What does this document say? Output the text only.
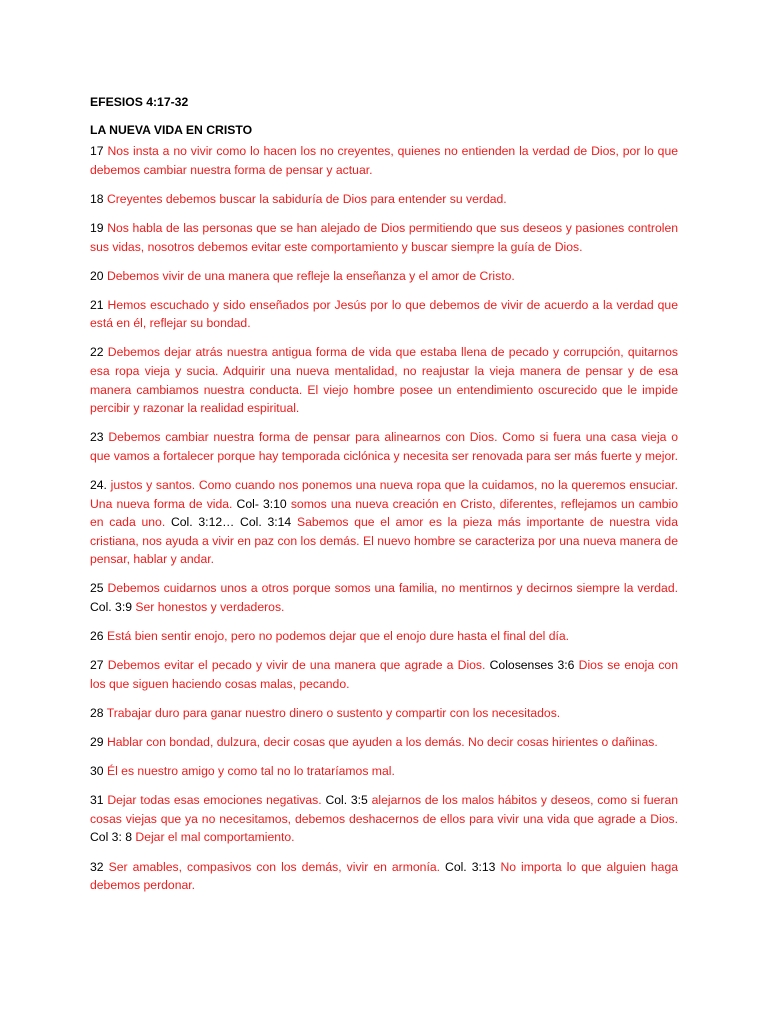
EFESIOS 4:17-32

LA NUEVA VIDA EN CRISTO

17 Nos insta a no vivir como lo hacen los no creyentes, quienes no entienden la verdad de Dios, por lo que debemos cambiar nuestra forma de pensar y actuar.

18 Creyentes debemos buscar la sabiduría de Dios para entender su verdad.

19 Nos habla de las personas que se han alejado de Dios permitiendo que sus deseos y pasiones controlen sus vidas, nosotros debemos evitar este comportamiento y buscar siempre la guía de Dios.

20 Debemos vivir de una manera que refleje la enseñanza y el amor de Cristo.

21 Hemos escuchado y sido enseñados por Jesús por lo que debemos de vivir de acuerdo a la verdad que está en él, reflejar su bondad.

22 Debemos dejar atrás nuestra antigua forma de vida que estaba llena de pecado y corrupción, quitarnos esa ropa vieja y sucia. Adquirir una nueva mentalidad, no reajustar la vieja manera de pensar y de esa manera cambiamos nuestra conducta. El viejo hombre posee un entendimiento oscurecido que le impide percibir y razonar la realidad espiritual.

23 Debemos cambiar nuestra forma de pensar para alinearnos con Dios. Como si fuera una casa vieja o que vamos a fortalecer porque hay temporada ciclónica y necesita ser renovada para ser más fuerte y mejor.

24. justos y santos. Como cuando nos ponemos una nueva ropa que la cuidamos, no la queremos ensuciar. Una nueva forma de vida. Col- 3:10 somos una nueva creación en Cristo, diferentes, reflejamos un cambio en cada uno. Col. 3:12… Col. 3:14 Sabemos que el amor es la pieza más importante de nuestra vida cristiana, nos ayuda a vivir en paz con los demás. El nuevo hombre se caracteriza por una nueva manera de pensar, hablar y andar.

25 Debemos cuidarnos unos a otros porque somos una familia, no mentirnos y decirnos siempre la verdad. Col. 3:9 Ser honestos y verdaderos.

26 Está bien sentir enojo, pero no podemos dejar que el enojo dure hasta el final del día.

27 Debemos evitar el pecado y vivir de una manera que agrade a Dios. Colosenses 3:6 Dios se enoja con los que siguen haciendo cosas malas, pecando.

28 Trabajar duro para ganar nuestro dinero o sustento y compartir con los necesitados.

29 Hablar con bondad, dulzura, decir cosas que ayuden a los demás. No decir cosas hirientes o dañinas.

30 Él es nuestro amigo y como tal no lo trataríamos mal.

31 Dejar todas esas emociones negativas. Col. 3:5 alejarnos de los malos hábitos y deseos, como si fueran cosas viejas que ya no necesitamos, debemos deshacernos de ellos para vivir una vida que agrade a Dios. Col 3: 8 Dejar el mal comportamiento.

32 Ser amables, compasivos con los demás, vivir en armonía. Col. 3:13 No importa lo que alguien haga debemos perdonar.
